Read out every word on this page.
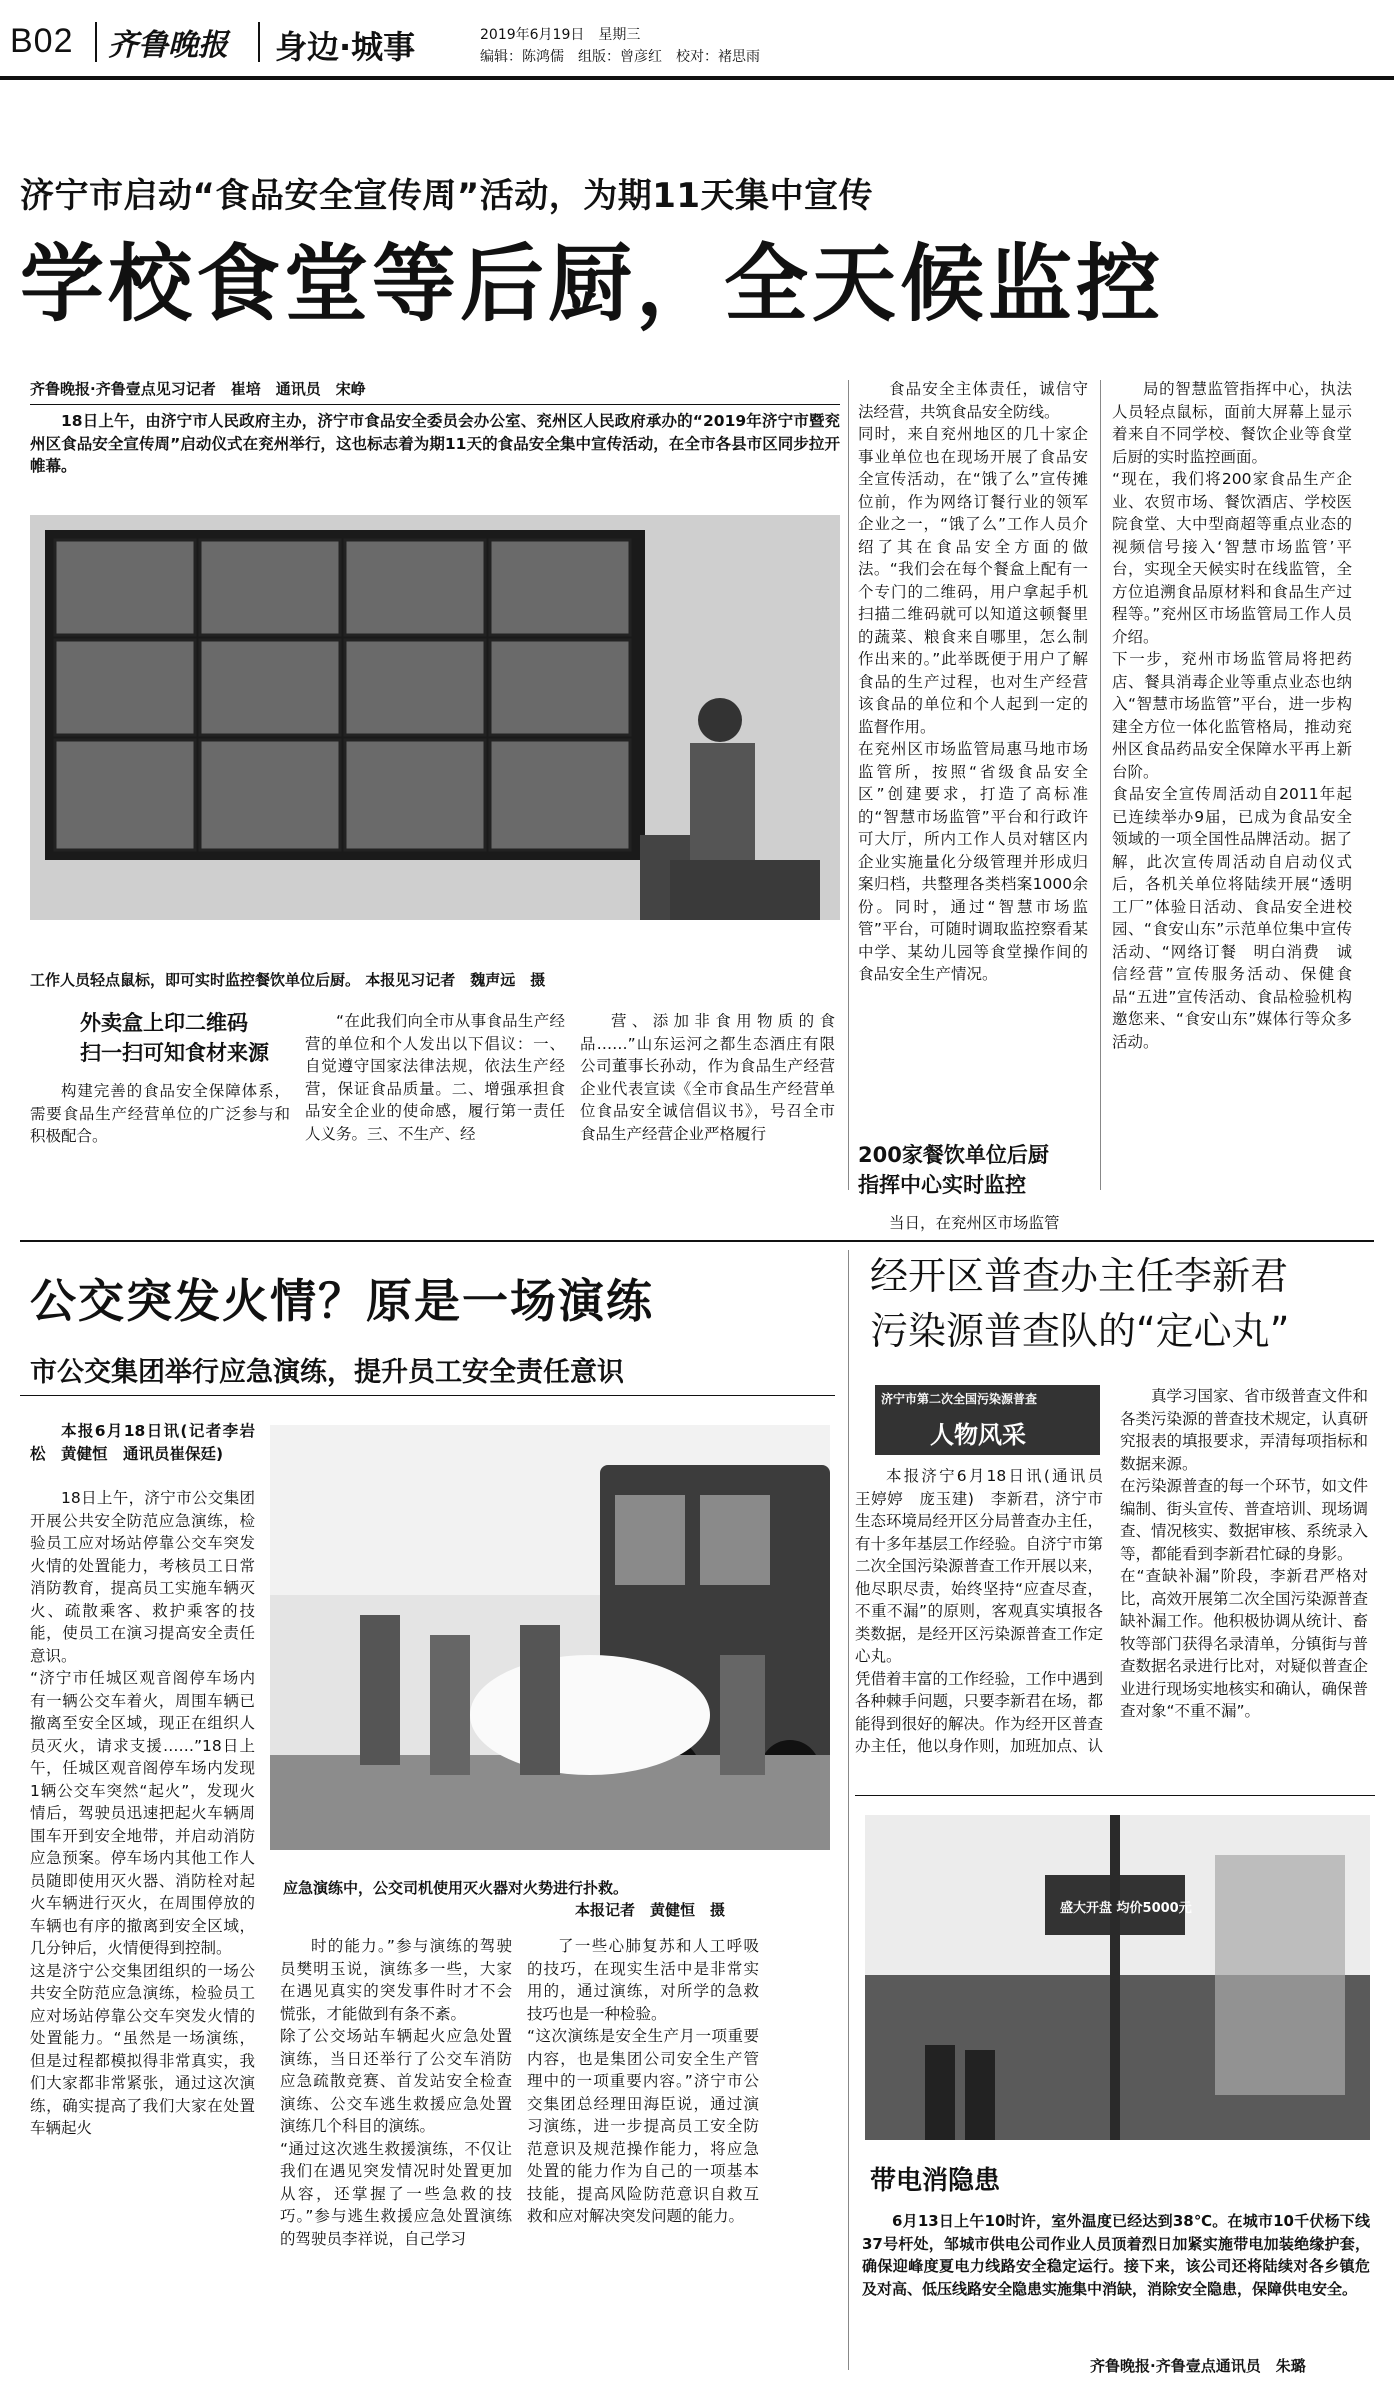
B02 齐鲁晚报 身边·城事	2019年6月19日　 星期三
编辑：陈鸿儒　组版：曾彦红　校对：褚思雨
济宁市启动“食品安全宣传周”活动，为期11天集中宣传
学校食堂等后厨，全天候监控
齐鲁晚报·齐鲁壹点见习记者　崔培　通讯员　宋峥
18日上午，由济宁市人民政府主办，济宁市食品安全委员会办公室、兖州区人民政府承办的“2019年济宁市暨兖州区食品安全宣传周”启动仪式在兖州举行，这也标志着为期11天的食品安全集中宣传活动，在全市各县市区同步拉开帷幕。
工作人员轻点鼠标，即可实时监控餐饮单位后厨。 本报见习记者　魏声远　摄
外卖盒上印二维码
扫一扫可知食材来源
构建完善的食品安全保障体系，需要食品生产经营单位的广泛参与和积极配合。
“在此我们向全市从事食品生产经营的单位和个人发出以下倡议：一、自觉遵守国家法律法规，依法生产经营，保证食品质量。二、增强承担食品安全企业的使命感，履行第一责任人义务。三、不生产、经
营、添加非食用物质的食品……”山东运河之都生态酒庄有限公司董事长孙动，作为食品生产经营企业代表宣读《全市食品生产经营单位食品安全诚信倡议书》，号召全市食品生产经营企业严格履行
食品安全主体责任，诚信守法经营，共筑食品安全防线。
同时，来自兖州地区的几十家企事业单位也在现场开展了食品安全宣传活动，在“饿了么”宣传摊位前，作为网络订餐行业的领军企业之一，“饿了么”工作人员介绍了其在食品安全方面的做法。“我们会在每个餐盒上配有一个专门的二维码，用户拿起手机扫描二维码就可以知道这顿餐里的蔬菜、粮食来自哪里，怎么制作出来的。”此举既便于用户了解食品的生产过程，也对生产经营该食品的单位和个人起到一定的监督作用。
在兖州区市场监管局惠马地市场监管所，按照“省级食品安全区”创建要求，打造了高标准的“智慧市场监管”平台和行政许可大厅，所内工作人员对辖区内企业实施量化分级管理并形成归案归档，共整理各类档案1000余份。同时，通过“智慧市场监管”平台，可随时调取监控察看某中学、某幼儿园等食堂操作间的食品安全生产情况。
200家餐饮单位后厨
指挥中心实时监控
当日，在兖州区市场监管
局的智慧监管指挥中心，执法人员轻点鼠标，面前大屏幕上显示着来自不同学校、餐饮企业等食堂后厨的实时监控画面。
“现在，我们将200家食品生产企业、农贸市场、餐饮酒店、学校医院食堂、大中型商超等重点业态的视频信号接入‘智慧市场监管’平台，实现全天候实时在线监管，全方位追溯食品原材料和食品生产过程等。”兖州区市场监管局工作人员介绍。
下一步，兖州市场监管局将把药店、餐具消毒企业等重点业态也纳入“智慧市场监管”平台，进一步构建全方位一体化监管格局，推动兖州区食品药品安全保障水平再上新台阶。
食品安全宣传周活动自2011年起已连续举办9届，已成为食品安全领域的一项全国性品牌活动。据了解，此次宣传周活动自启动仪式后，各机关单位将陆续开展“透明工厂”体验日活动、食品安全进校园、“食安山东”示范单位集中宣传活动、“网络订餐　明白消费　诚信经营”宣传服务活动、保健食品“五进”宣传活动、食品检验机构邀您来、“食安山东”媒体行等众多活动。
公交突发火情？原是一场演练
市公交集团举行应急演练，提升员工安全责任意识
本报6月18日讯(记者李岩松　黄健恒　通讯员崔保廷)
18日上午，济宁市公交集团开展公共安全防范应急演练，检验员工应对场站停靠公交车突发火情的处置能力，考核员工日常消防教育，提高员工实施车辆灭火、疏散乘客、救护乘客的技能，使员工在演习提高安全责任意识。
“济宁市任城区观音阁停车场内有一辆公交车着火，周围车辆已撤离至安全区域，现正在组织人员灭火，请求支援……”18日上午，任城区观音阁停车场内发现1辆公交车突然“起火”，发现火情后，驾驶员迅速把起火车辆周围车开到安全地带，并启动消防应急预案。停车场内其他工作人员随即使用灭火器、消防栓对起火车辆进行灭火，在周围停放的车辆也有序的撤离到安全区域，几分钟后，火情便得到控制。
这是济宁公交集团组织的一场公共安全防范应急演练，检验员工应对场站停靠公交车突发火情的处置能力。“虽然是一场演练，但是过程都模拟得非常真实，我们大家都非常紧张，通过这次演练，确实提高了我们大家在处置车辆起火
应急演练中，公交司机使用灭火器对火势进行扑救。
本报记者　黄健恒　摄
时的能力。”参与演练的驾驶员樊明玉说，演练多一些，大家在遇见真实的突发事件时才不会慌张，才能做到有条不紊。
除了公交场站车辆起火应急处置演练，当日还举行了公交车消防应急疏散竞赛、首发站安全检查演练、公交车逃生救援应急处置演练几个科目的演练。
“通过这次逃生救援演练，不仅让我们在遇见突发情况时处置更加从容，还掌握了一些急救的技巧。”参与逃生救援应急处置演练的驾驶员李祥说，自己学习
了一些心肺复苏和人工呼吸的技巧，在现实生活中是非常实用的，通过演练，对所学的急救技巧也是一种检验。
“这次演练是安全生产月一项重要内容，也是集团公司安全生产管理中的一项重要内容。”济宁市公交集团总经理田海臣说，通过演习演练，进一步提高员工安全防范意识及规范操作能力，将应急处置的能力作为自己的一项基本技能，提高风险防范意识自救互救和应对解决突发问题的能力。
经开区普查办主任李新君
污染源普查队的“定心丸”
济宁市第二次全国污染源普查
人物风采
本报济宁6月18日讯(通讯员　王婷婷　庞玉建)　李新君，济宁市生态环境局经开区分局普查办主任，有十多年基层工作经验。自济宁市第二次全国污染源普查工作开展以来，他尽职尽责，始终坚持“应查尽查，不重不漏”的原则，客观真实填报各类数据，是经开区污染源普查工作定心丸。
凭借着丰富的工作经验，工作中遇到各种棘手问题，只要李新君在场，都能得到很好的解决。作为经开区普查办主任，他以身作则，加班加点、认
真学习国家、省市级普查文件和各类污染源的普查技术规定，认真研究报表的填报要求，弄清每项指标和数据来源。
在污染源普查的每一个环节，如文件编制、街头宣传、普查培训、现场调查、情况核实、数据审核、系统录入等，都能看到李新君忙碌的身影。
在“查缺补漏”阶段，李新君严格对比，高效开展第二次全国污染源普查缺补漏工作。他积极协调从统计、畜牧等部门获得名录清单，分镇街与普查数据名录进行比对，对疑似普查企业进行现场实地核实和确认，确保普查对象“不重不漏”。
盛大开盘 均价5000元
带电消隐患
6月13日上午10时许，室外温度已经达到38℃。在城市10千伏杨下线37号杆处，邹城市供电公司作业人员顶着烈日加紧实施带电加装绝缘护套，确保迎峰度夏电力线路安全稳定运行。接下来，该公司还将陆续对各乡镇危及对高、低压线路安全隐患实施集中消缺，消除安全隐患，保障供电安全。
齐鲁晚报·齐鲁壹点通讯员　朱璐
